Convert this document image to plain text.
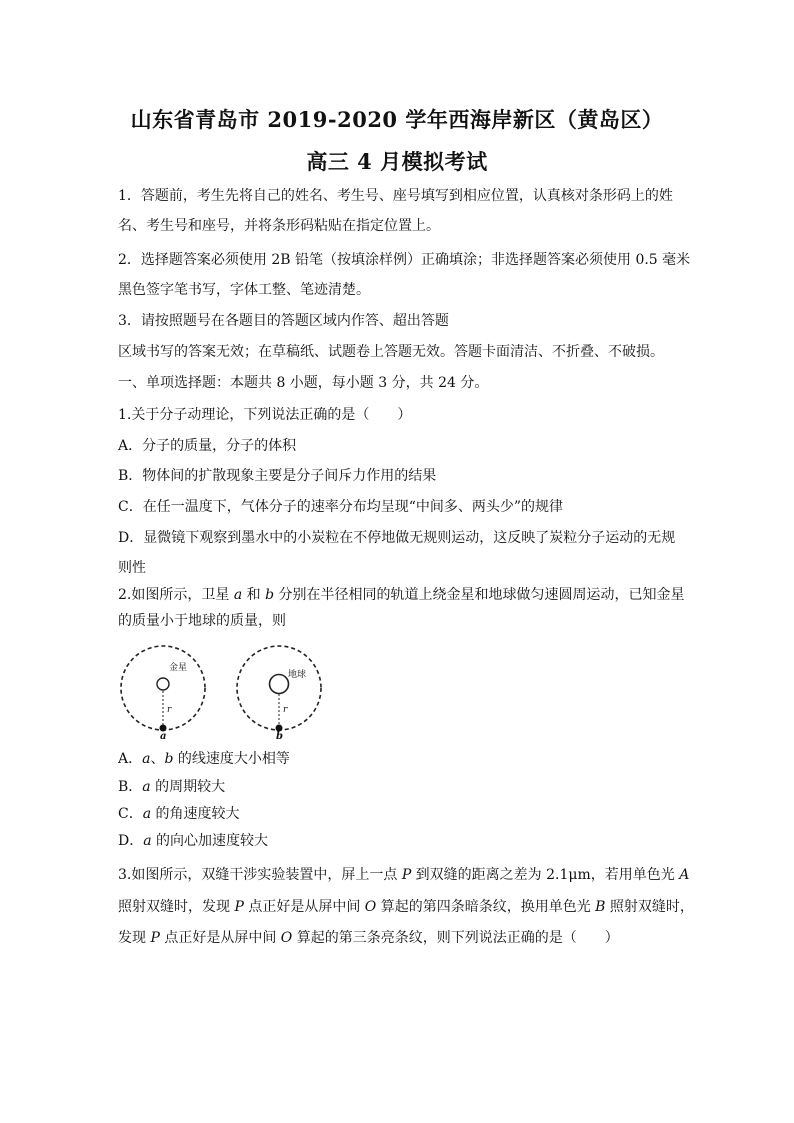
山东省青岛市 2019-2020 学年西海岸新区（黄岛区）
高三 4 月模拟考试
1．答题前，考生先将自己的姓名、考生号、座号填写到相应位置，认真核对条形码上的姓
名、考生号和座号，并将条形码粘贴在指定位置上。
2．选择题答案必须使用 2B 铅笔（按填涂样例）正确填涂；非选择题答案必须使用 0.5 毫米
黑色签字笔书写，字体工整、笔迹清楚。
3．请按照题号在各题目的答题区域内作答、超出答题
区域书写的答案无效；在草稿纸、试题卷上答题无效。答题卡面清洁、不折叠、不破损。
一、单项选择题：本题共 8 小题，每小题 3 分，共 24 分。
1.关于分子动理论，下列说法正确的是（　　）
A．分子的质量，分子的体积
B．物体间的扩散现象主要是分子间斥力作用的结果
C．在任一温度下，气体分子的速率分布均呈现“中间多、两头少”的规律
D．显微镜下观察到墨水中的小炭粒在不停地做无规则运动，这反映了炭粒分子运动的无规
则性
2.如图所示，卫星 a 和 b 分别在半径相同的轨道上绕金星和地球做匀速圆周运动，已知金星
的质量小于地球的质量，则
金星
r
a
地球
r
b
A．a、b 的线速度大小相等
B．a 的周期较大
C．a 的角速度较大
D．a 的向心加速度较大
3.如图所示，双缝干涉实验装置中，屏上一点 P 到双缝的距离之差为 2.1μm，若用单色光 A
照射双缝时，发现 P 点正好是从屏中间 O 算起的第四条暗条纹，换用单色光 B 照射双缝时，
发现 P 点正好是从屏中间 O 算起的第三条亮条纹，则下列说法正确的是（　　）
